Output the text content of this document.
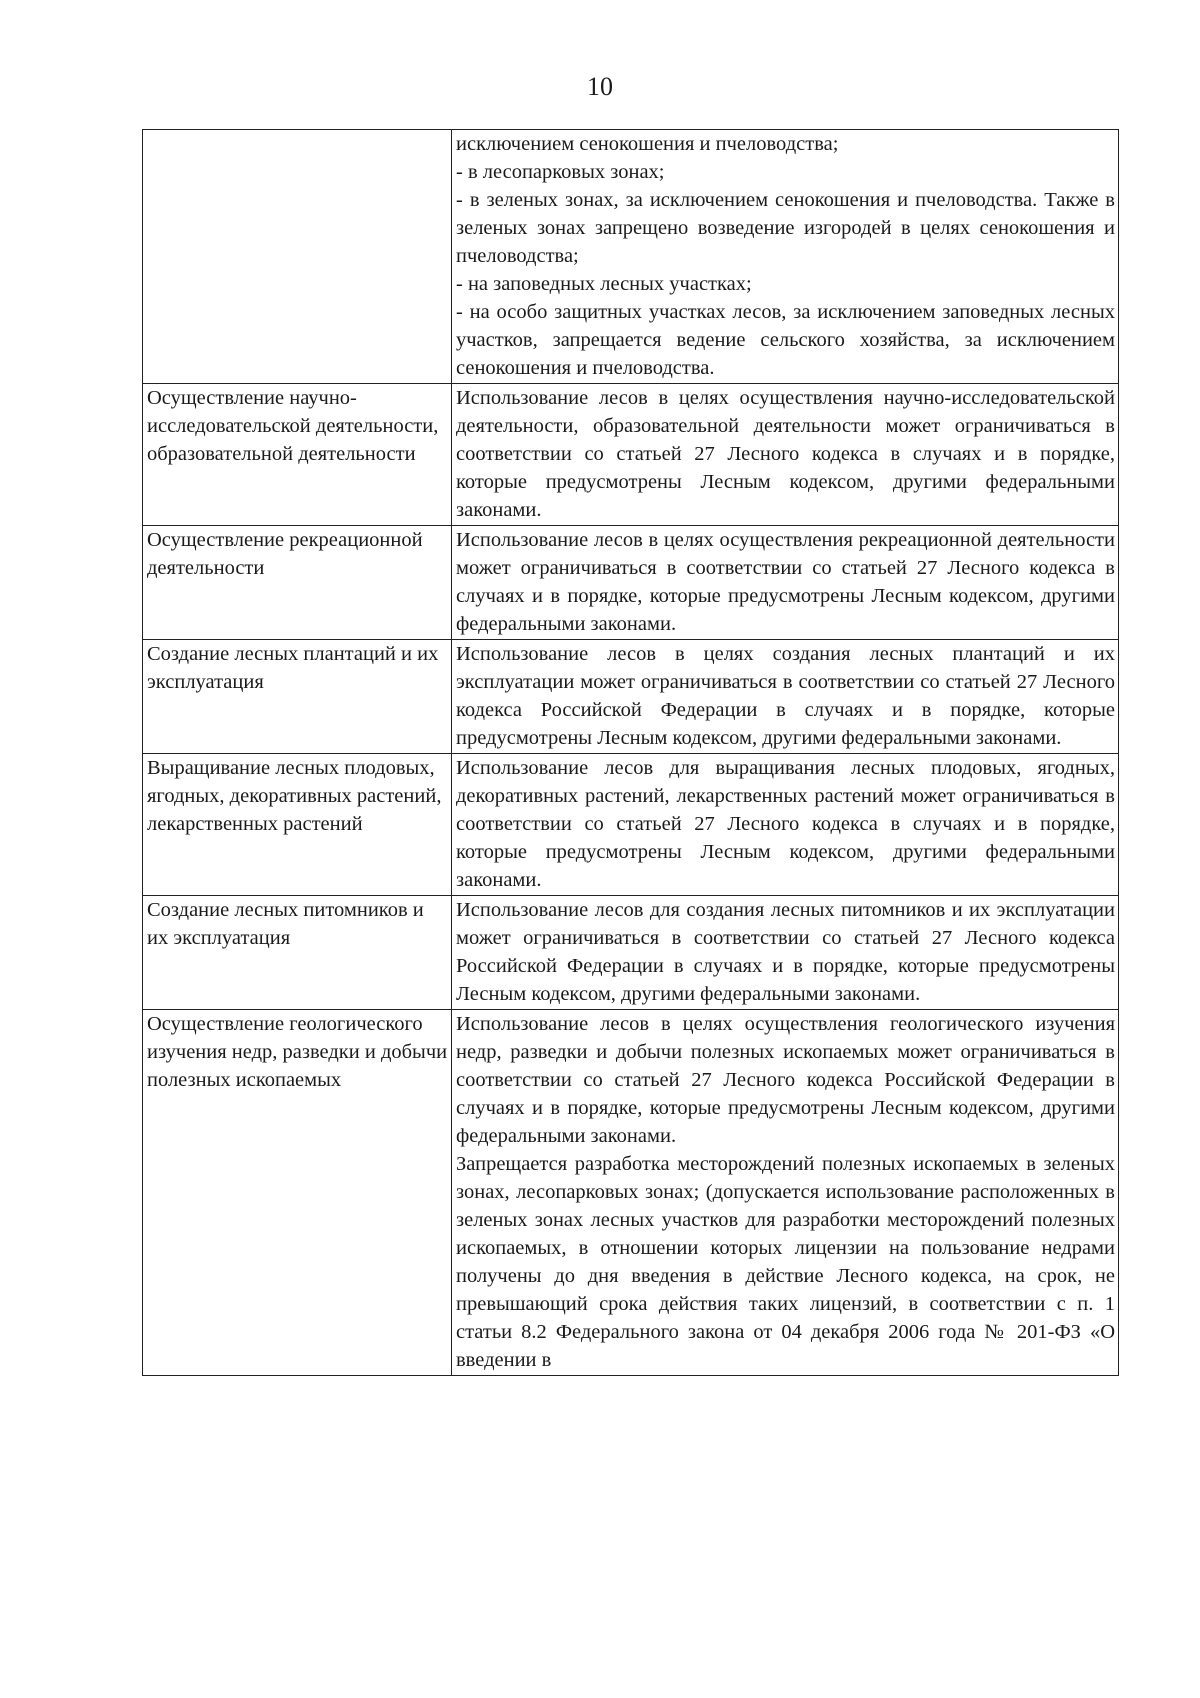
10

	исключением сенокошения и пчеловодства;

- в лесопарковых зонах;

- в зеленых зонах, за исключением сенокошения и пчеловодства. Также в зеленых зонах запрещено возведение изгородей в целях сенокошения и пчеловодства;

- на заповедных лесных участках;

- на особо защитных участках лесов, за исключением заповедных лесных участков, запрещается ведение сельского хозяйства, за исключением сенокошения и пчеловодства.

Осуществление научно-исследовательской деятельности, образовательной деятельности	Использование лесов в целях осуществления научно-исследовательской деятельности, образовательной деятельности может ограничиваться в соответствии со статьей 27 Лесного кодекса в случаях и в порядке, которые предусмотрены Лесным кодексом, другими федеральными законами.

Осуществление рекреационной деятельности	Использование лесов в целях осуществления рекреационной деятельности может ограничиваться в соответствии со статьей 27 Лесного кодекса в случаях и в порядке, которые предусмотрены Лесным кодексом, другими федеральными законами.

Создание лесных плантаций и их эксплуатация	Использование лесов в целях создания лесных плантаций и их эксплуатации может ограничиваться в соответствии со статьей 27 Лесного кодекса Российской Федерации в случаях и в порядке, которые предусмотрены Лесным кодексом, другими федеральными законами.

Выращивание лесных плодовых, ягодных, декоративных растений, лекарственных растений	Использование лесов для выращивания лесных плодовых, ягодных, декоративных растений, лекарственных растений может ограничиваться в соответствии со статьей 27 Лесного кодекса в случаях и в порядке, которые предусмотрены Лесным кодексом, другими федеральными законами.

Создание лесных питомников и их эксплуатация	Использование лесов для создания лесных питомников и их эксплуатации может ограничиваться в соответствии со статьей 27 Лесного кодекса Российской Федерации в случаях и в порядке, которые предусмотрены Лесным кодексом, другими федеральными законами.

Осуществление геологического изучения недр, разведки и добычи полезных ископаемых	Использование лесов в целях осуществления геологического изучения недр, разведки и добычи полезных ископаемых может ограничиваться в соответствии со статьей 27 Лесного кодекса Российской Федерации в случаях и в порядке, которые предусмотрены Лесным кодексом, другими федеральными законами.

Запрещается разработка месторождений полезных ископаемых в зеленых зонах, лесопарковых зонах; (допускается использование расположенных в зеленых зонах лесных участков для разработки месторождений полезных ископаемых, в отношении которых лицензии на пользование недрами получены до дня введения в действие Лесного кодекса, на срок, не превышающий срока действия таких лицензий, в соответствии с п. 1 статьи 8.2 Федерального закона от 04 декабря 2006 года № 201-ФЗ «О введении в
